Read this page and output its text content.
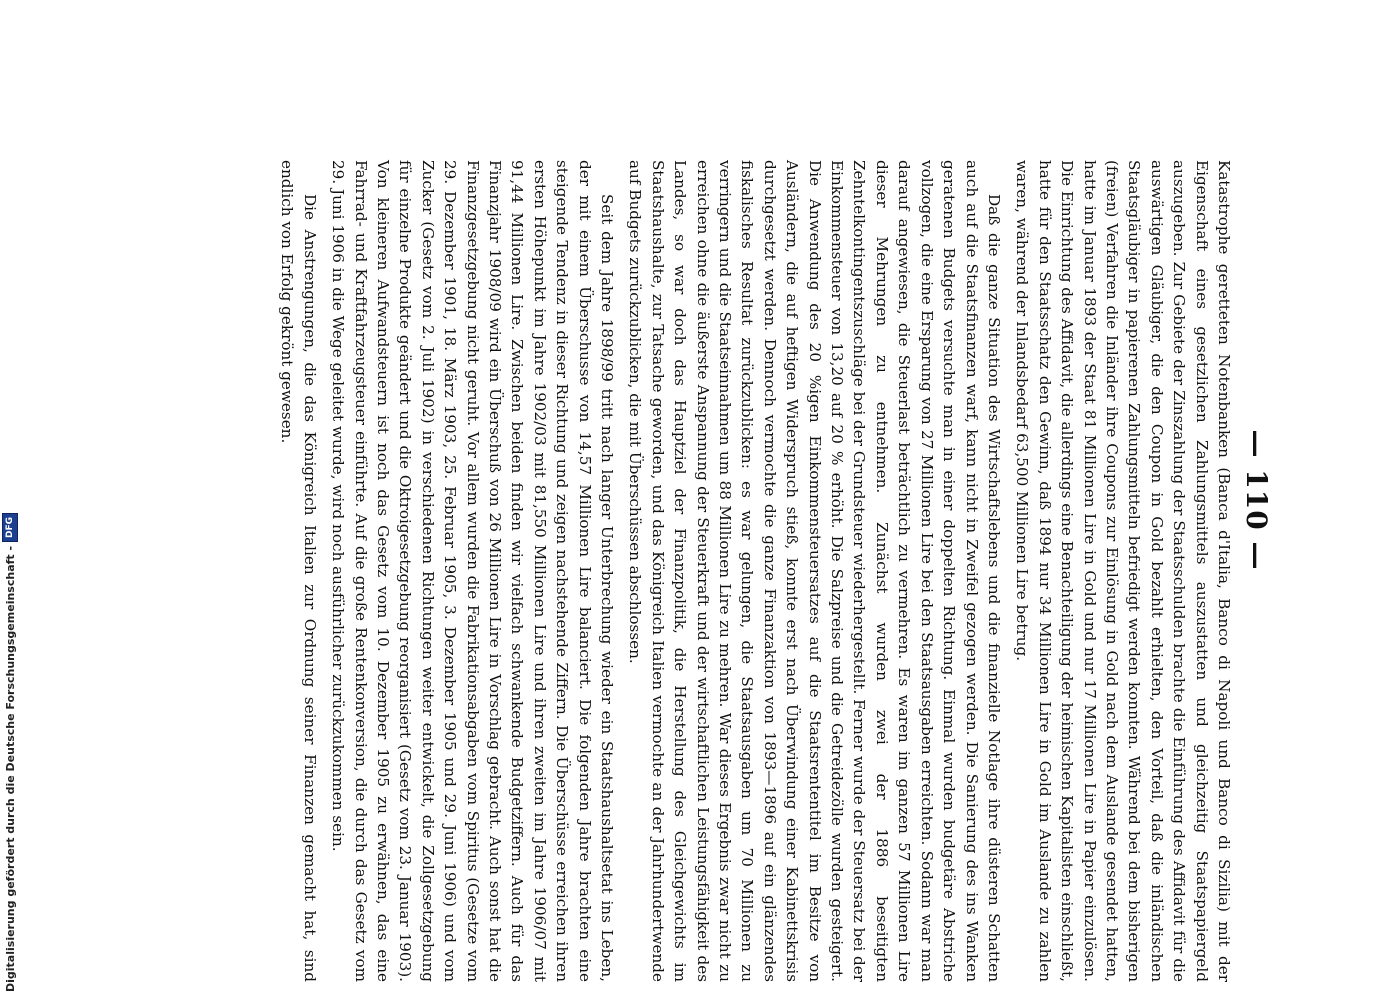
— 110 —

Katastrophe geretteten Notenbanken (Banca d'Italia, Banco di Napoli und Banco di Sizilia) mit der Eigenschaft eines gesetzlichen Zahlungsmittels auszustatten und gleichzeitig Staatspapiergeld auszugeben. Zur Gebiete der Zinszahlung der Staatsschulden brachte die Einführung des Affidavit für die auswärtigen Gläubiger, die den Coupon in Gold bezahlt erhielten, den Vorteil, daß die inländischen Staatsgläubiger in papierenen Zahlungsmitteln befriedigt werden konnten. Während bei dem bisherigen (freien) Verfahren die Inländer ihre Coupons zur Einlösung in Gold nach dem Auslande gesendet hatten, hatte im Januar 1893 der Staat 81 Millionen Lire in Gold und nur 17 Millionen Lire in Papier einzulösen. Die Einrichtung des Affidavit, die allerdings eine Benachteiligung der heimischen Kapitalisten einschließt, hatte für den Staatsschatz den Gewinn, daß 1894 nur 34 Millionen Lire in Gold im Auslande zu zahlen waren, während der Inlandsbedarf 63,500 Millionen Lire betrug.

Daß die ganze Situation des Wirtschaftslebens und die finanzielle Notlage ihre düsteren Schatten auch auf die Staatsfinanzen warf, kann nicht in Zweifel gezogen werden. Die Sanierung des ins Wanken geratenen Budgets versuchte man in einer doppelten Richtung. Einmal wurden budgetäre Abstriche vollzogen, die eine Ersparung von 27 Millionen Lire bei den Staatsausgaben erreichten. Sodann war man darauf angewiesen, die Steuerlast beträchtlich zu vermehren. Es waren im ganzen 57 Millionen Lire dieser Mehrungen zu entnehmen. Zunächst wurden zwei der 1886 beseitigten Zehntelkontingentszuschläge bei der Grundsteuer wiederhergestellt. Ferner wurde der Steuersatz bei der Einkommensteuer von 13,20 auf 20 % erhöht. Die Salzpreise und die Getreidezölle wurden gesteigert. Die Anwendung des 20 %igen Einkommensteuersatzes auf die Staatsrententitel im Besitze von Ausländern, die auf heftigen Widerspruch stieß, konnte erst nach Überwindung einer Kabinettskrisis durchgesetzt werden. Dennoch vermochte die ganze Finanzaktion von 1893—1896 auf ein glänzendes fiskalisches Resultat zurückzublicken: es war gelungen, die Staatsausgaben um 70 Millionen zu verringern und die Staatseinnahmen um 88 Millionen Lire zu mehren. War dieses Ergebnis zwar nicht zu erreichen ohne die äußerste Anspannung der Steuerkraft und der wirtschaftlichen Leistungsfähigkeit des Landes, so war doch das Hauptziel der Finanzpolitik, die Herstellung des Gleichgewichts im Staatshaushalte, zur Tatsache geworden, und das Königreich Italien vermochte an der Jahrhundertwende auf Budgets zurückzublicken, die mit Überschüssen abschlossen.

Seit dem Jahre 1898/99 tritt nach langer Unterbrechung wieder ein Staatshaushaltsetat ins Leben, der mit einem Überschusse von 14,57 Millionen Lire balanciert. Die folgenden Jahre brachten eine steigende Tendenz in dieser Richtung und zeigen nachstehende Ziffern. Die Überschüsse erreichen ihren ersten Höhepunkt im Jahre 1902/03 mit 81,550 Millionen Lire und ihren zweiten im Jahre 1906/07 mit 91,44 Millionen Lire. Zwischen beiden finden wir vielfach schwankende Budgetziffern. Auch für das Finanzjahr 1908/09 wird ein Überschuß von 26 Millionen Lire in Vorschlag gebracht. Auch sonst hat die Finanzgesetzgebung nicht geruht. Vor allem wurden die Fabrikationsabgaben vom Spiritus (Gesetze vom 29. Dezember 1901, 18. März 1903, 25. Februar 1905, 3. Dezember 1905 und 29. Juni 1906) und vom Zucker (Gesetz vom 2. Juli 1902) in verschiedenen Richtungen weiter entwickelt, die Zollgesetzgebung für einzelne Produkte geändert und die Oktroigesetzgebung reorganisiert (Gesetz vom 23. Januar 1903). Von kleineren Aufwandsteuern ist noch das Gesetz vom 10. Dezember 1905 zu erwähnen, das eine Fahrrad- und Kraftfahrzeugsteuer einführte. Auf die große Rentenkonversion, die durch das Gesetz vom 29. Juni 1906 in die Wege geleitet wurde, wird noch ausführlicher zurückzukommen sein.

Die Anstrengungen, die das Königreich Italien zur Ordnung seiner Finanzen gemacht hat, sind endlich von Erfolg gekrönt gewesen.

Digitalisierung gefördert durch die Deutsche Forschungsgemeinschaft -
DFG
